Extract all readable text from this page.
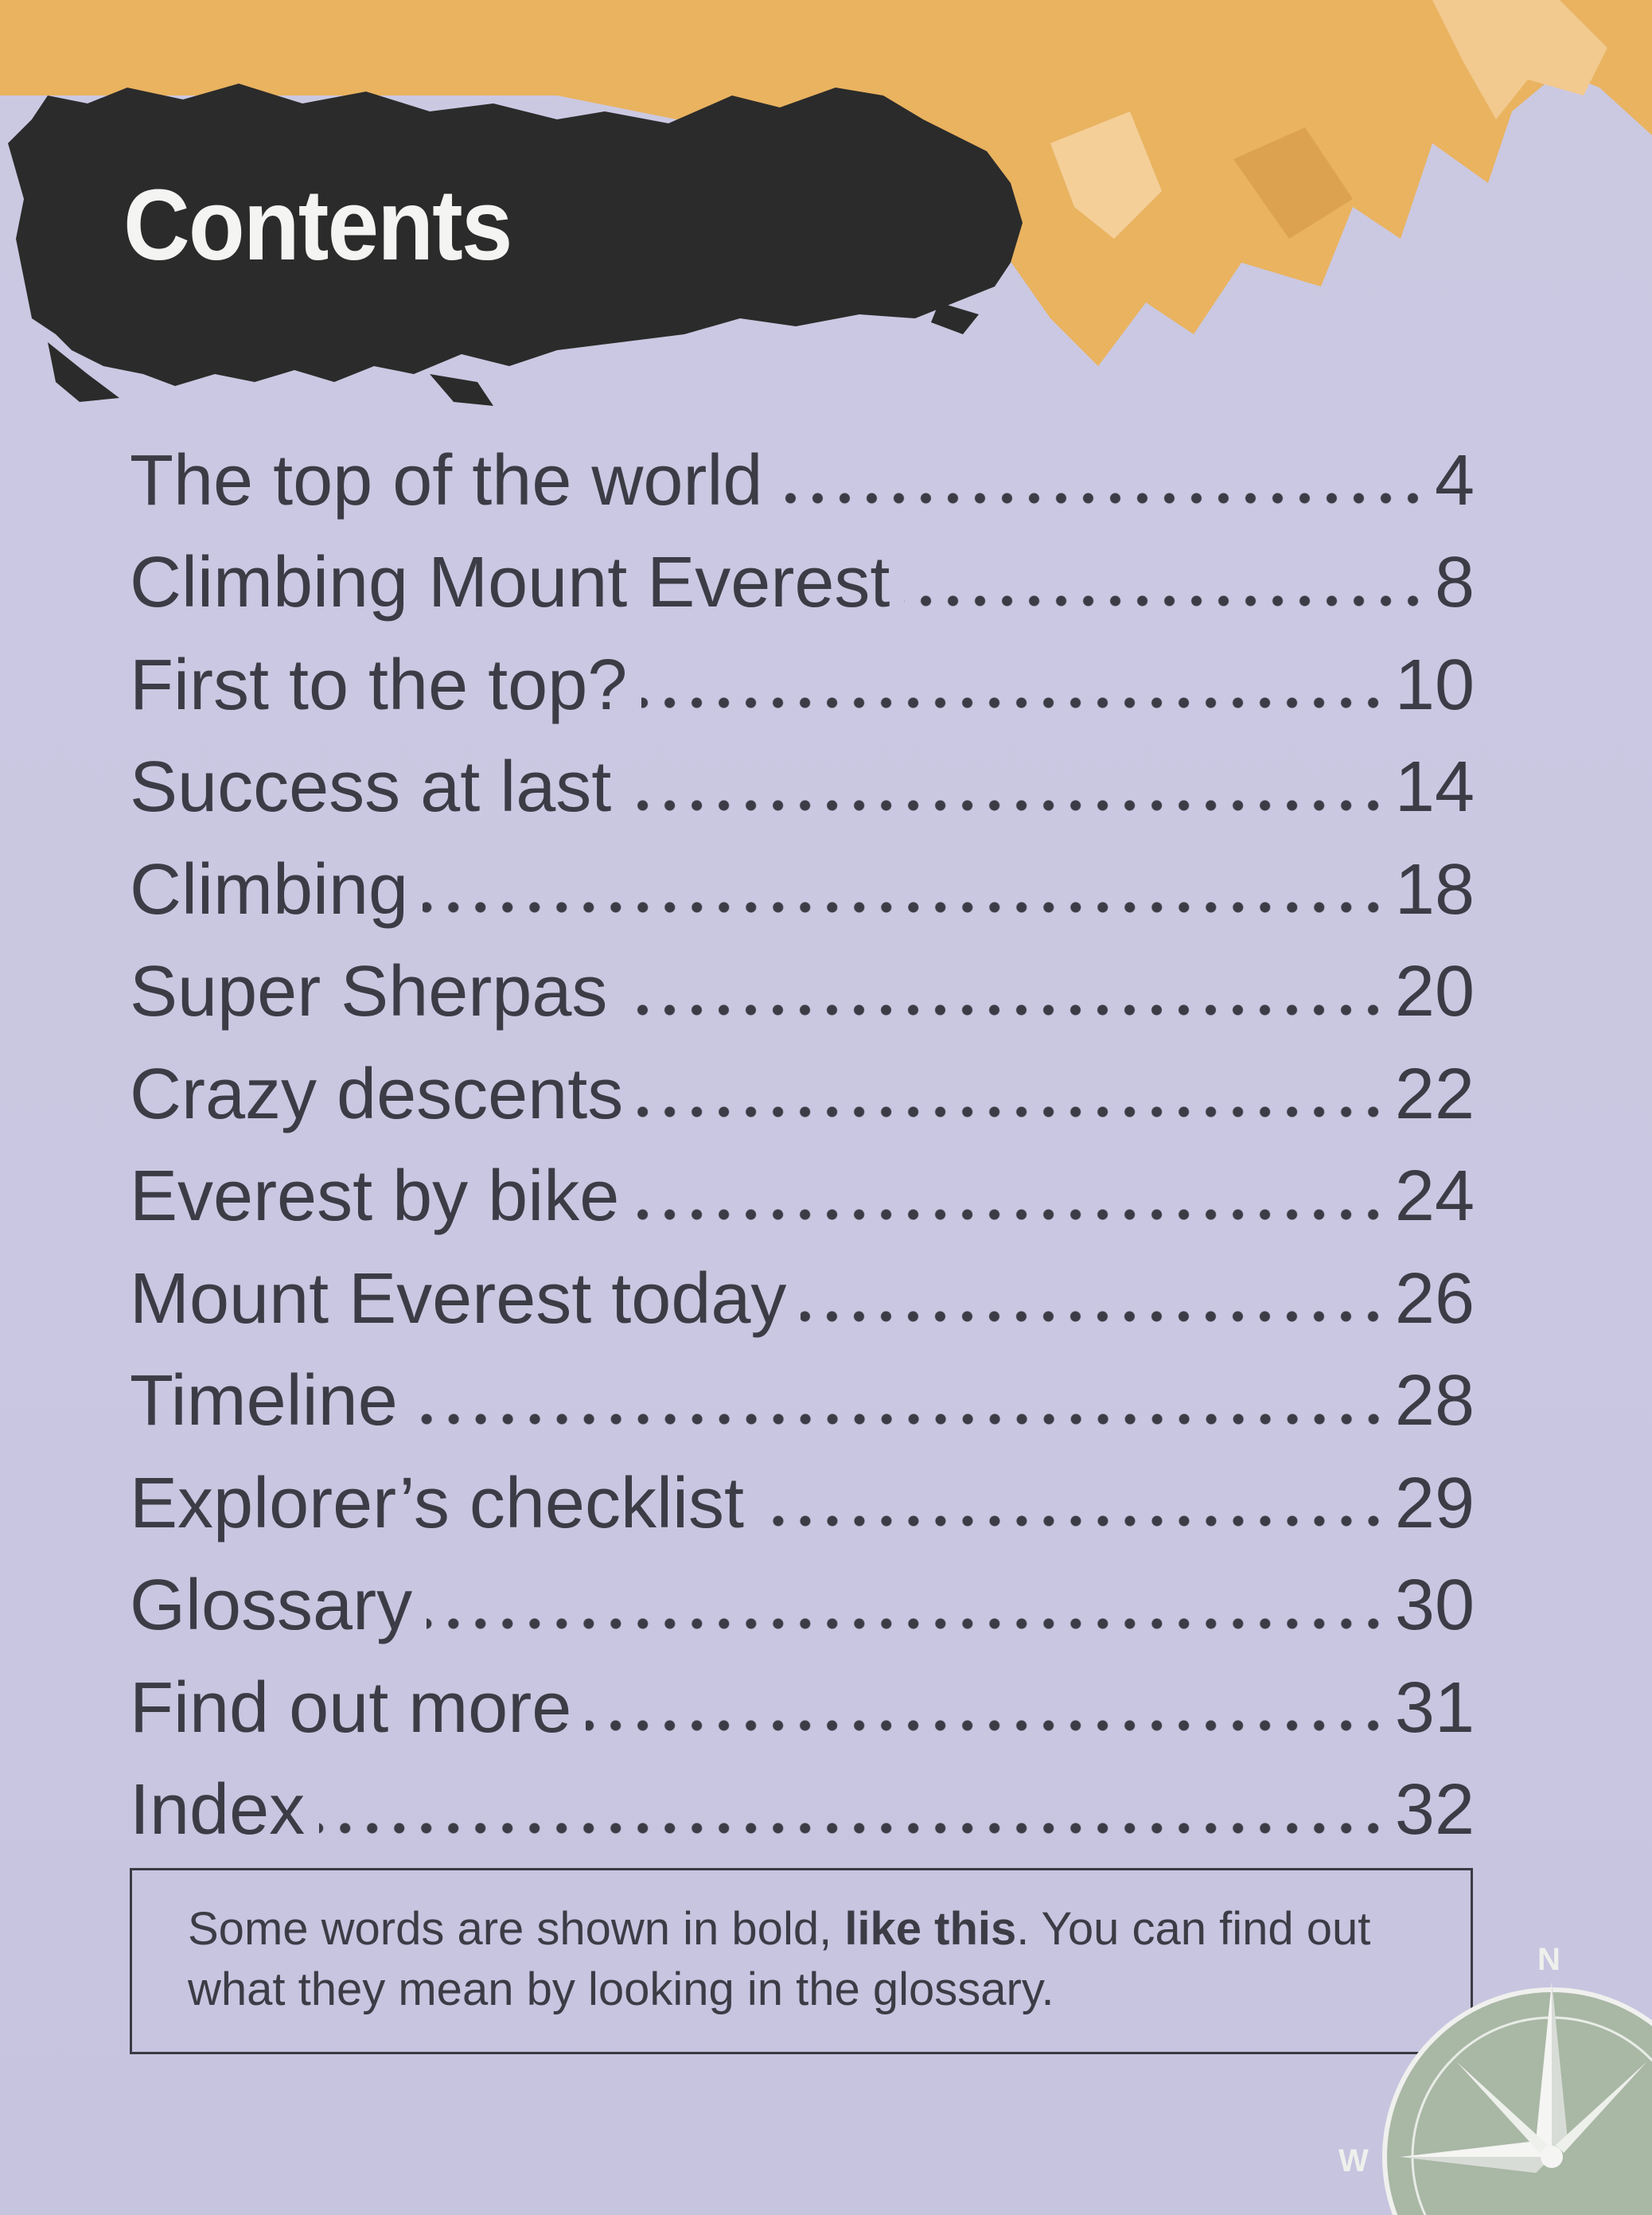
Contents
The top of the world	4
Climbing Mount Everest	8
First to the top?	10
Success at last	14
Climbing	18
Super Sherpas	20
Crazy descents	22
Everest by bike	24
Mount Everest today	26
Timeline	28
Explorer’s checklist	29
Glossary	30
Find out more	31
Index	32
Some words are shown in bold, like this. You can find out what they mean by looking in the glossary.
N
W
